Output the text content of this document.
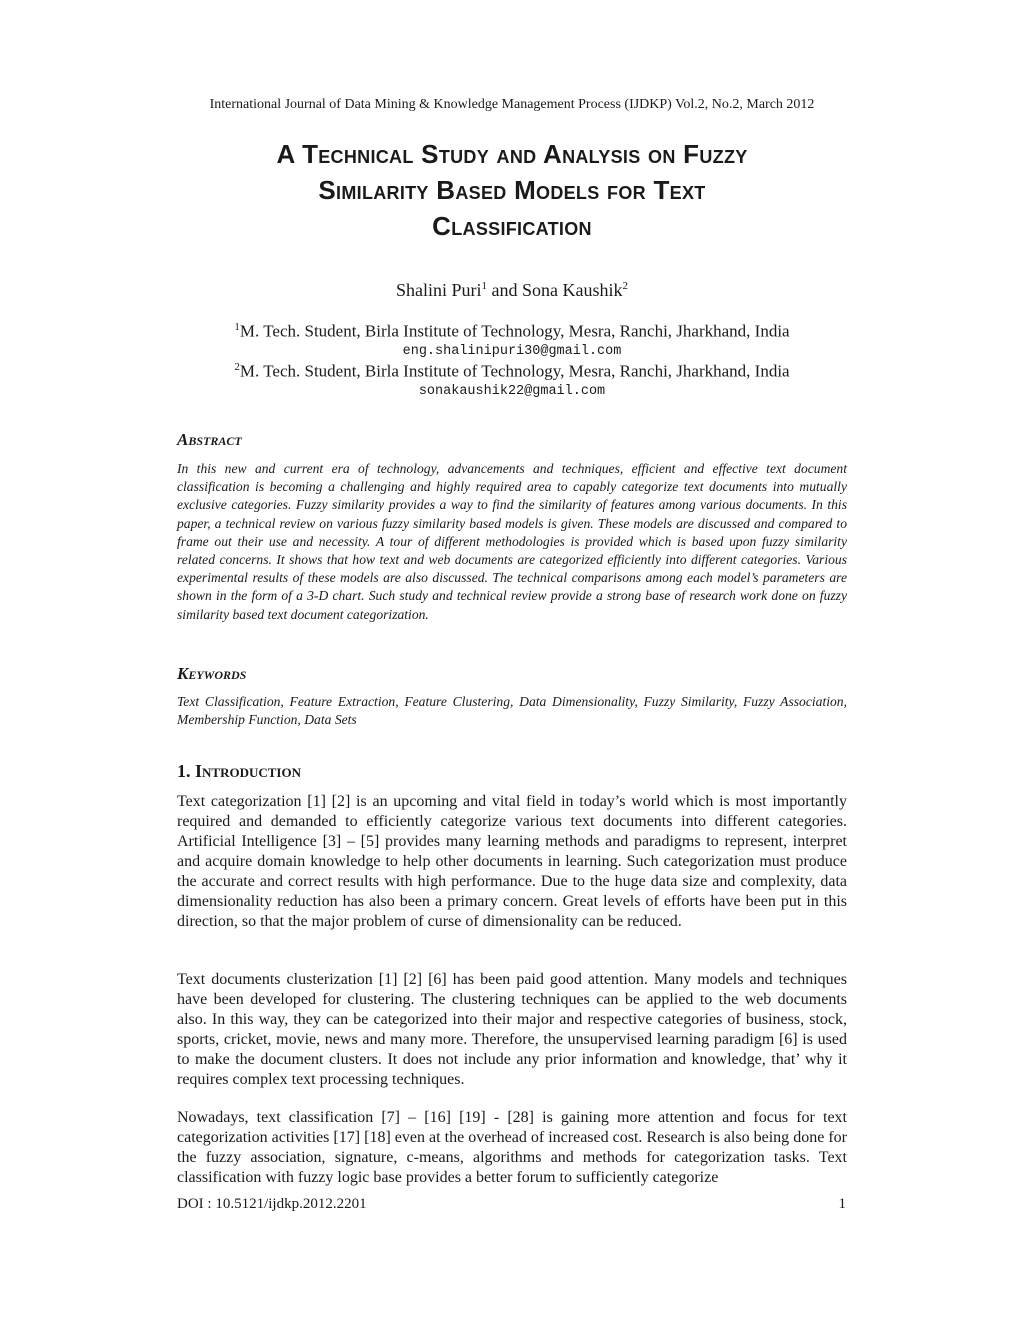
International Journal of Data Mining & Knowledge Management Process (IJDKP) Vol.2, No.2, March 2012
A Technical Study and Analysis on Fuzzy
Similarity Based Models for Text
Classification
Shalini Puri$^1$ and Sona Kaushik$^2$
$^1$M. Tech. Student, Birla Institute of Technology, Mesra, Ranchi, Jharkhand, India
eng.shalinipuri30@gmail.com
$^2$M. Tech. Student, Birla Institute of Technology, Mesra, Ranchi, Jharkhand, India
sonakaushik22@gmail.com
Abstract
In this new and current era of technology, advancements and techniques, efficient and effective text document classification is becoming a challenging and highly required area to capably categorize text documents into mutually exclusive categories. Fuzzy similarity provides a way to find the similarity of features among various documents. In this paper, a technical review on various fuzzy similarity based models is given. These models are discussed and compared to frame out their use and necessity. A tour of different methodologies is provided which is based upon fuzzy similarity related concerns. It shows that how text and web documents are categorized efficiently into different categories. Various experimental results of these models are also discussed. The technical comparisons among each model’s parameters are shown in the form of a 3-D chart. Such study and technical review provide a strong base of research work done on fuzzy similarity based text document categorization.
Keywords
Text Classification, Feature Extraction, Feature Clustering, Data Dimensionality, Fuzzy Similarity, Fuzzy Association, Membership Function, Data Sets
1. Introduction
Text categorization [1] [2] is an upcoming and vital field in today’s world which is most importantly required and demanded to efficiently categorize various text documents into different categories. Artificial Intelligence [3] – [5] provides many learning methods and paradigms to represent, interpret and acquire domain knowledge to help other documents in learning. Such categorization must produce the accurate and correct results with high performance. Due to the huge data size and complexity, data dimensionality reduction has also been a primary concern. Great levels of efforts have been put in this direction, so that the major problem of curse of dimensionality can be reduced.
Text documents clusterization [1] [2] [6] has been paid good attention. Many models and techniques have been developed for clustering. The clustering techniques can be applied to the web documents also. In this way, they can be categorized into their major and respective categories of business, stock, sports, cricket, movie, news and many more. Therefore, the unsupervised learning paradigm [6] is used to make the document clusters. It does not include any prior information and knowledge, that’ why it requires complex text processing techniques.
Nowadays, text classification [7] – [16] [19] - [28] is gaining more attention and focus for text categorization activities [17] [18] even at the overhead of increased cost. Research is also being done for the fuzzy association, signature, c-means, algorithms and methods for categorization tasks. Text classification with fuzzy logic base provides a better forum to sufficiently categorize
DOI : 10.5121/ijdkp.2012.2201	1
